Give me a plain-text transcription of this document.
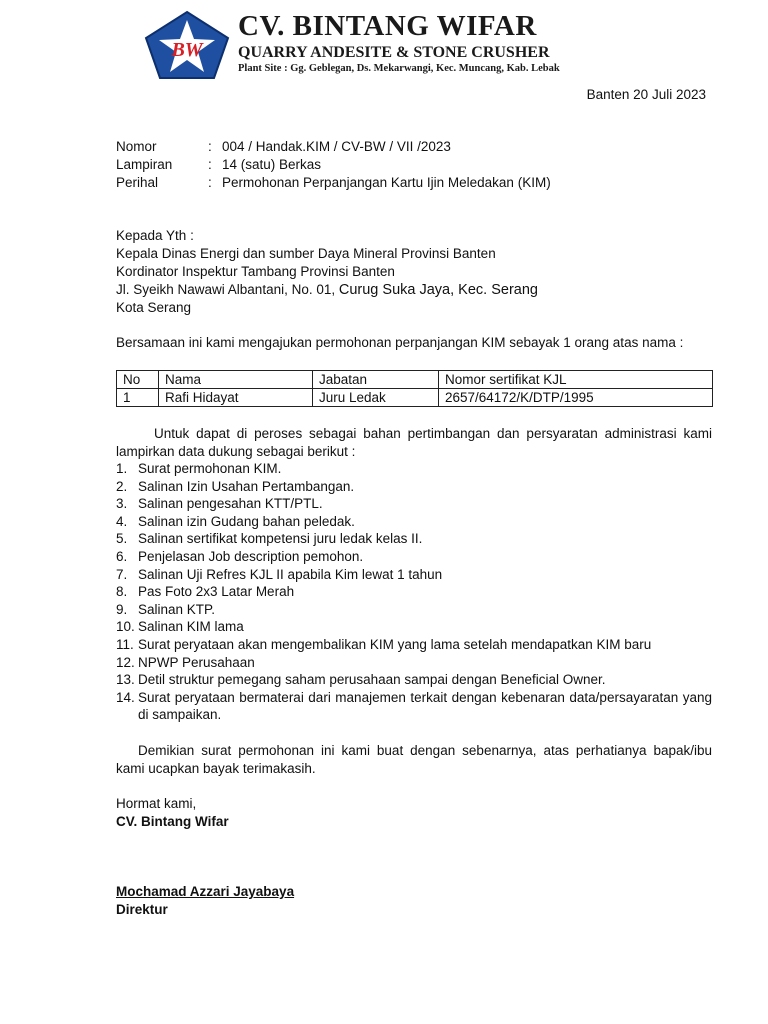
BW
CV. BINTANG WIFAR
QUARRY ANDESITE & STONE CRUSHER
Plant Site : Gg. Geblegan, Ds. Mekarwangi, Kec. Muncang, Kab. Lebak
Banten 20 Juli 2023
Nomor	: 004 / Handak.KIM / CV-BW / VII /2023
Lampiran	: 14 (satu) Berkas
Perihal	: Permohonan Perpanjangan Kartu Ijin Meledakan (KIM)
Kepada Yth :
Kepala Dinas Energi dan sumber Daya Mineral Provinsi Banten
Kordinator Inspektur Tambang Provinsi Banten
Jl. Syeikh Nawawi Albantani, No. 01, Curug Suka Jaya, Kec. Serang
Kota Serang
Bersamaan ini kami mengajukan permohonan perpanjangan KIM sebayak 1 orang atas nama :
No	Nama	Jabatan	Nomor sertifikat KJL
1	Rafi Hidayat	Juru Ledak	2657/64172/K/DTP/1995
Untuk dapat di peroses sebagai bahan pertimbangan dan persyaratan administrasi kami lampirkan data dukung sebagai berikut :
1. Surat permohonan KIM.
2. Salinan Izin Usahan Pertambangan.
3. Salinan pengesahan KTT/PTL.
4. Salinan izin Gudang bahan peledak.
5. Salinan sertifikat kompetensi juru ledak kelas II.
6. Penjelasan Job description pemohon.
7. Salinan Uji Refres KJL II apabila Kim lewat 1 tahun
8. Pas Foto 2x3 Latar Merah
9. Salinan KTP.
10. Salinan KIM lama
11. Surat peryataan akan mengembalikan KIM yang lama setelah mendapatkan KIM baru
12. NPWP Perusahaan
13. Detil struktur pemegang saham perusahaan sampai dengan Beneficial Owner.
14. Surat peryataan bermaterai dari manajemen terkait dengan kebenaran data/persayaratan yang di sampaikan.
Demikian surat permohonan ini kami buat dengan sebenarnya, atas perhatianya bapak/ibu kami ucapkan bayak terimakasih.
Hormat kami,
CV. Bintang Wifar
Mochamad Azzari Jayabaya
Direktur
